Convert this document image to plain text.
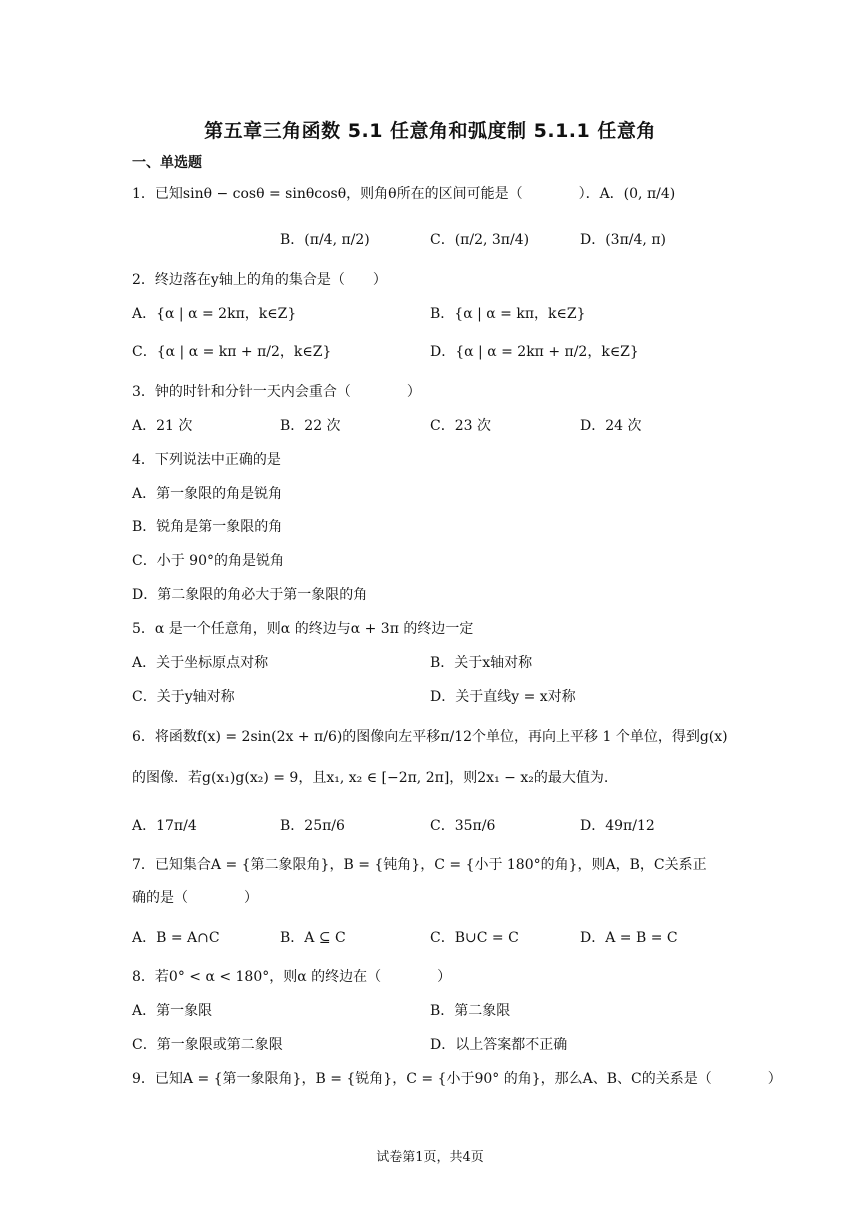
第五章三角函数 5.1 任意角和弧度制 5.1.1 任意角
一、单选题
1．已知sinθ − cosθ = sinθcosθ，则角θ所在的区间可能是（　　　　）．A．(0, π/4)
B．(π/4, π/2)	C．(π/2, 3π/4)	D．(3π/4, π)
2．终边落在y轴上的角的集合是（　　）
A．{α | α = 2kπ，k∈Z}	B．{α | α = kπ，k∈Z}
C．{α | α = kπ + π/2，k∈Z}	D．{α | α = 2kπ + π/2，k∈Z}
3．钟的时针和分针一天内会重合（　　　　）
A．21 次	B．22 次	C．23 次	D．24 次
4．下列说法中正确的是
A．第一象限的角是锐角
B．锐角是第一象限的角
C．小于 90°的角是锐角
D．第二象限的角必大于第一象限的角
5．α 是一个任意角，则α 的终边与α + 3π 的终边一定
A．关于坐标原点对称	B．关于x轴对称
C．关于y轴对称	D．关于直线y = x对称
6．将函数f(x) = 2sin(2x + π/6)的图像向左平移π/12个单位，再向上平移 1 个单位，得到g(x)
的图像．若g(x₁)g(x₂) = 9，且x₁, x₂ ∈ [−2π, 2π]，则2x₁ − x₂的最大值为.
A．17π/4	B．25π/6	C．35π/6	D．49π/12
7．已知集合A = {第二象限角}，B = {钝角}，C = {小于 180°的角}，则A，B，C关系正
确的是（　　　　）
A．B = A∩C	B．A ⊆ C	C．B∪C = C	D．A = B = C
8．若0° < α < 180°，则α 的终边在（　　　　）
A．第一象限	B．第二象限
C．第一象限或第二象限	D．以上答案都不正确
9．已知A = {第一象限角}，B = {锐角}，C = {小于90° 的角}，那么A、B、C的关系是（　　　　）
试卷第1页，共4页
